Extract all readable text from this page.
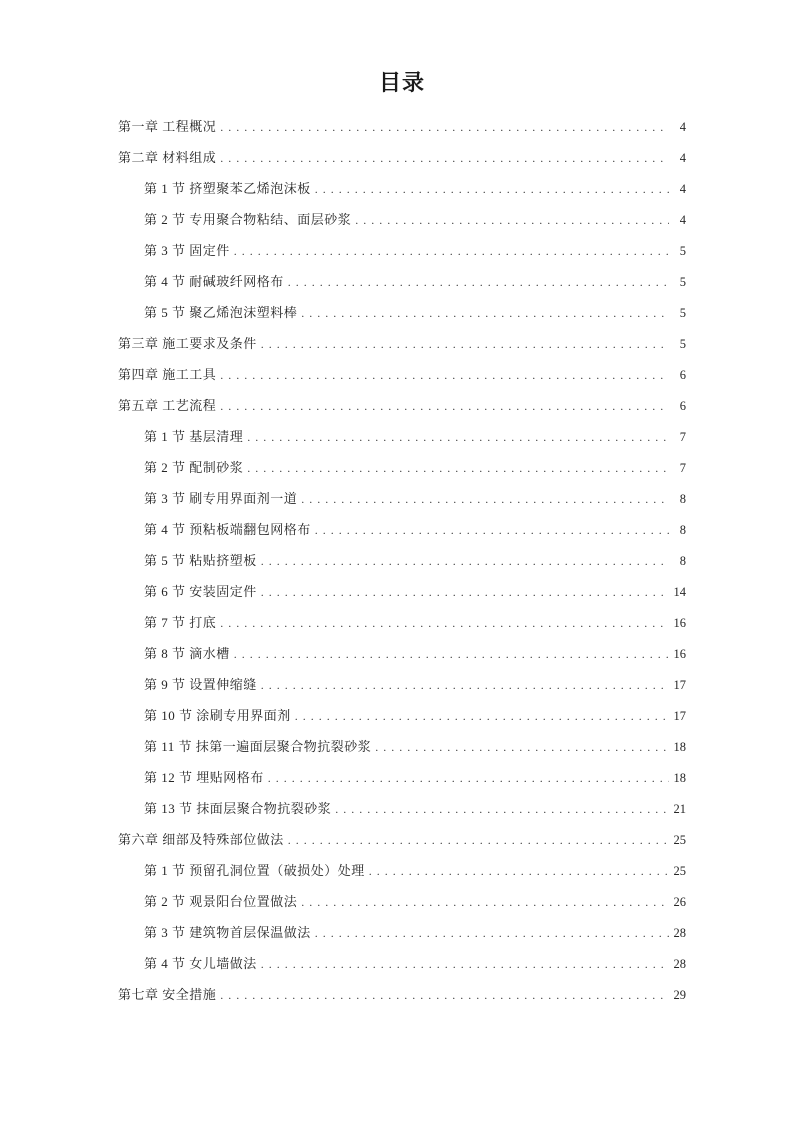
目录
第一章 工程概况 . . .	4
第二章 材料组成 . . .	4
第 1 节 挤塑聚苯乙烯泡沫板 . . .	4
第 2 节 专用聚合物粘结、面层砂浆 . . .	4
第 3 节 固定件 . . .	5
第 4 节 耐碱玻纤网格布 . . .	5
第 5 节 聚乙烯泡沫塑料棒 . . .	5
第三章 施工要求及条件 . . .	5
第四章 施工工具 . . .	6
第五章 工艺流程 . . .	6
第 1 节 基层清理 . . .	7
第 2 节 配制砂浆 . . .	7
第 3 节 刷专用界面剂一道 . . .	8
第 4 节 预粘板端翻包网格布 . . .	8
第 5 节 粘贴挤塑板 . . .	8
第 6 节 安装固定件 . . .	14
第 7 节 打底 . . .	16
第 8 节 滴水槽 . . .	16
第 9 节 设置伸缩缝 . . .	17
第 10 节 涂刷专用界面剂 . . .	17
第 11 节 抹第一遍面层聚合物抗裂砂浆 . . .	18
第 12 节 埋贴网格布 . . .	18
第 13 节 抹面层聚合物抗裂砂浆 . . .	21
第六章 细部及特殊部位做法 . . .	25
第 1 节 预留孔洞位置（破损处）处理 . . .	25
第 2 节 观景阳台位置做法 . . .	26
第 3 节 建筑物首层保温做法 . . .	28
第 4 节 女儿墙做法 . . .	28
第七章 安全措施 . . .	29
